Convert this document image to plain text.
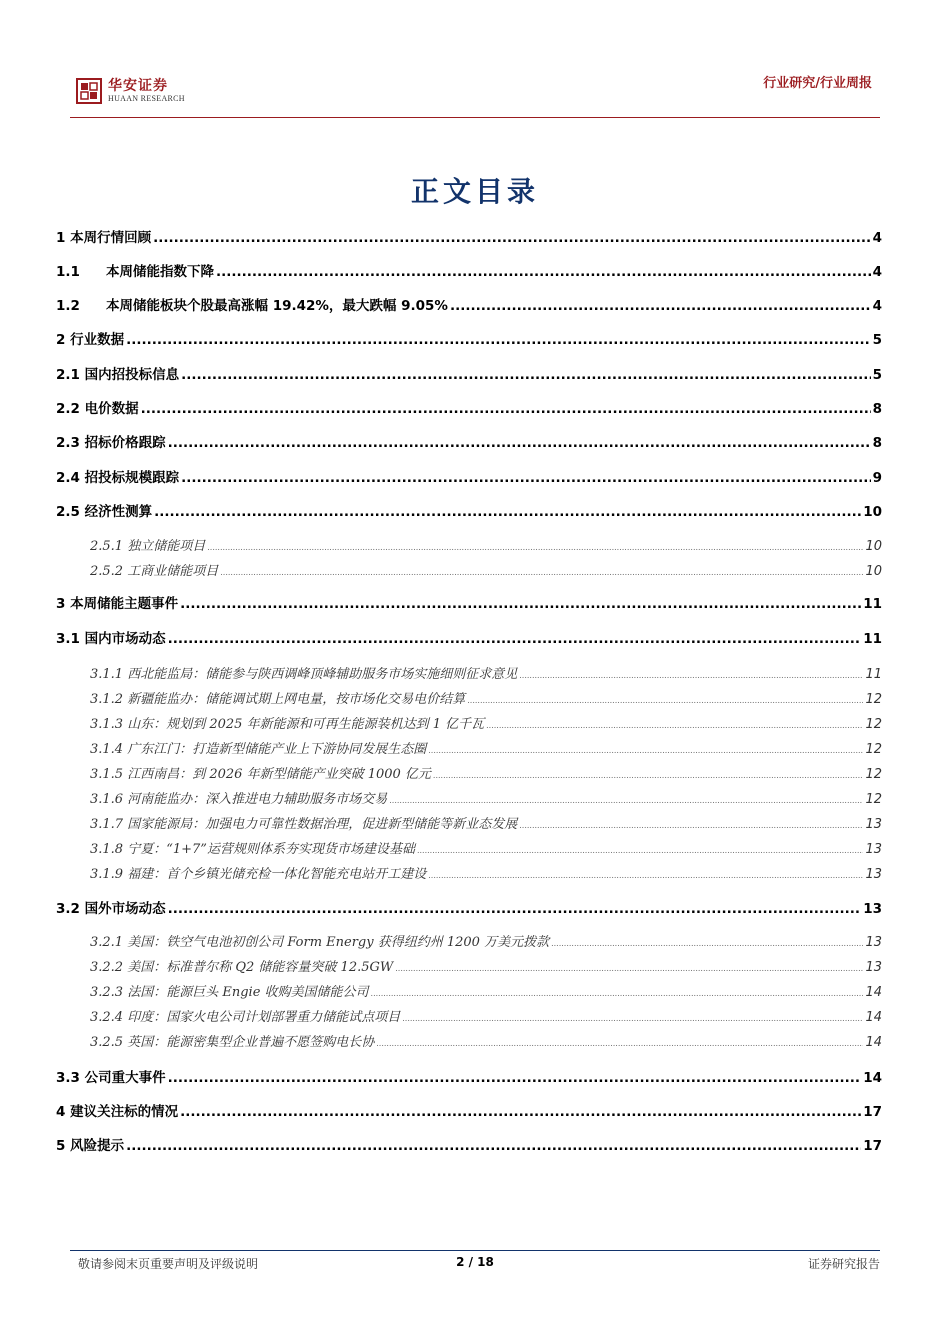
华安证券
HUAAN RESEARCH
行业研究/行业周报
正文目录
1 本周行情回顾 .....	4
1.1 本周储能指数下降 .....	4
1.2 本周储能板块个股最高涨幅 19.42%，最大跌幅 9.05% .....	4
2 行业数据 .....	5
2.1 国内招投标信息 .....	5
2.2 电价数据 .....	8
2.3 招标价格跟踪 .....	8
2.4 招投标规模跟踪 .....	9
2.5 经济性测算 .....	10
2.5.1 独立储能项目 .....	10
2.5.2 工商业储能项目 .....	10
3 本周储能主题事件 .....	11
3.1 国内市场动态 .....	11
3.1.1 西北能监局：储能参与陕西调峰顶峰辅助服务市场实施细则征求意见 .....	11
3.1.2 新疆能监办：储能调试期上网电量，按市场化交易电价结算 .....	12
3.1.3 山东：规划到 2025 年新能源和可再生能源装机达到 1 亿千瓦 .....	12
3.1.4 广东江门：打造新型储能产业上下游协同发展生态圈 .....	12
3.1.5 江西南昌：到 2026 年新型储能产业突破 1000 亿元 .....	12
3.1.6 河南能监办：深入推进电力辅助服务市场交易 .....	12
3.1.7 国家能源局：加强电力可靠性数据治理，促进新型储能等新业态发展 .....	13
3.1.8 宁夏：“1+7”运营规则体系夯实现货市场建设基础 .....	13
3.1.9 福建：首个乡镇光储充检一体化智能充电站开工建设 .....	13
3.2 国外市场动态 .....	13
3.2.1 美国：铁空气电池初创公司 Form Energy 获得纽约州 1200 万美元拨款 .....	13
3.2.2 美国：标准普尔称 Q2 储能容量突破 12.5GW .....	13
3.2.3 法国：能源巨头 Engie 收购美国储能公司 .....	14
3.2.4 印度：国家火电公司计划部署重力储能试点项目 .....	14
3.2.5 英国：能源密集型企业普遍不愿签购电长协 .....	14
3.3 公司重大事件 .....	14
4 建议关注标的情况 .....	17
5 风险提示 .....	17
敬请参阅末页重要声明及评级说明	2 / 18	证券研究报告
